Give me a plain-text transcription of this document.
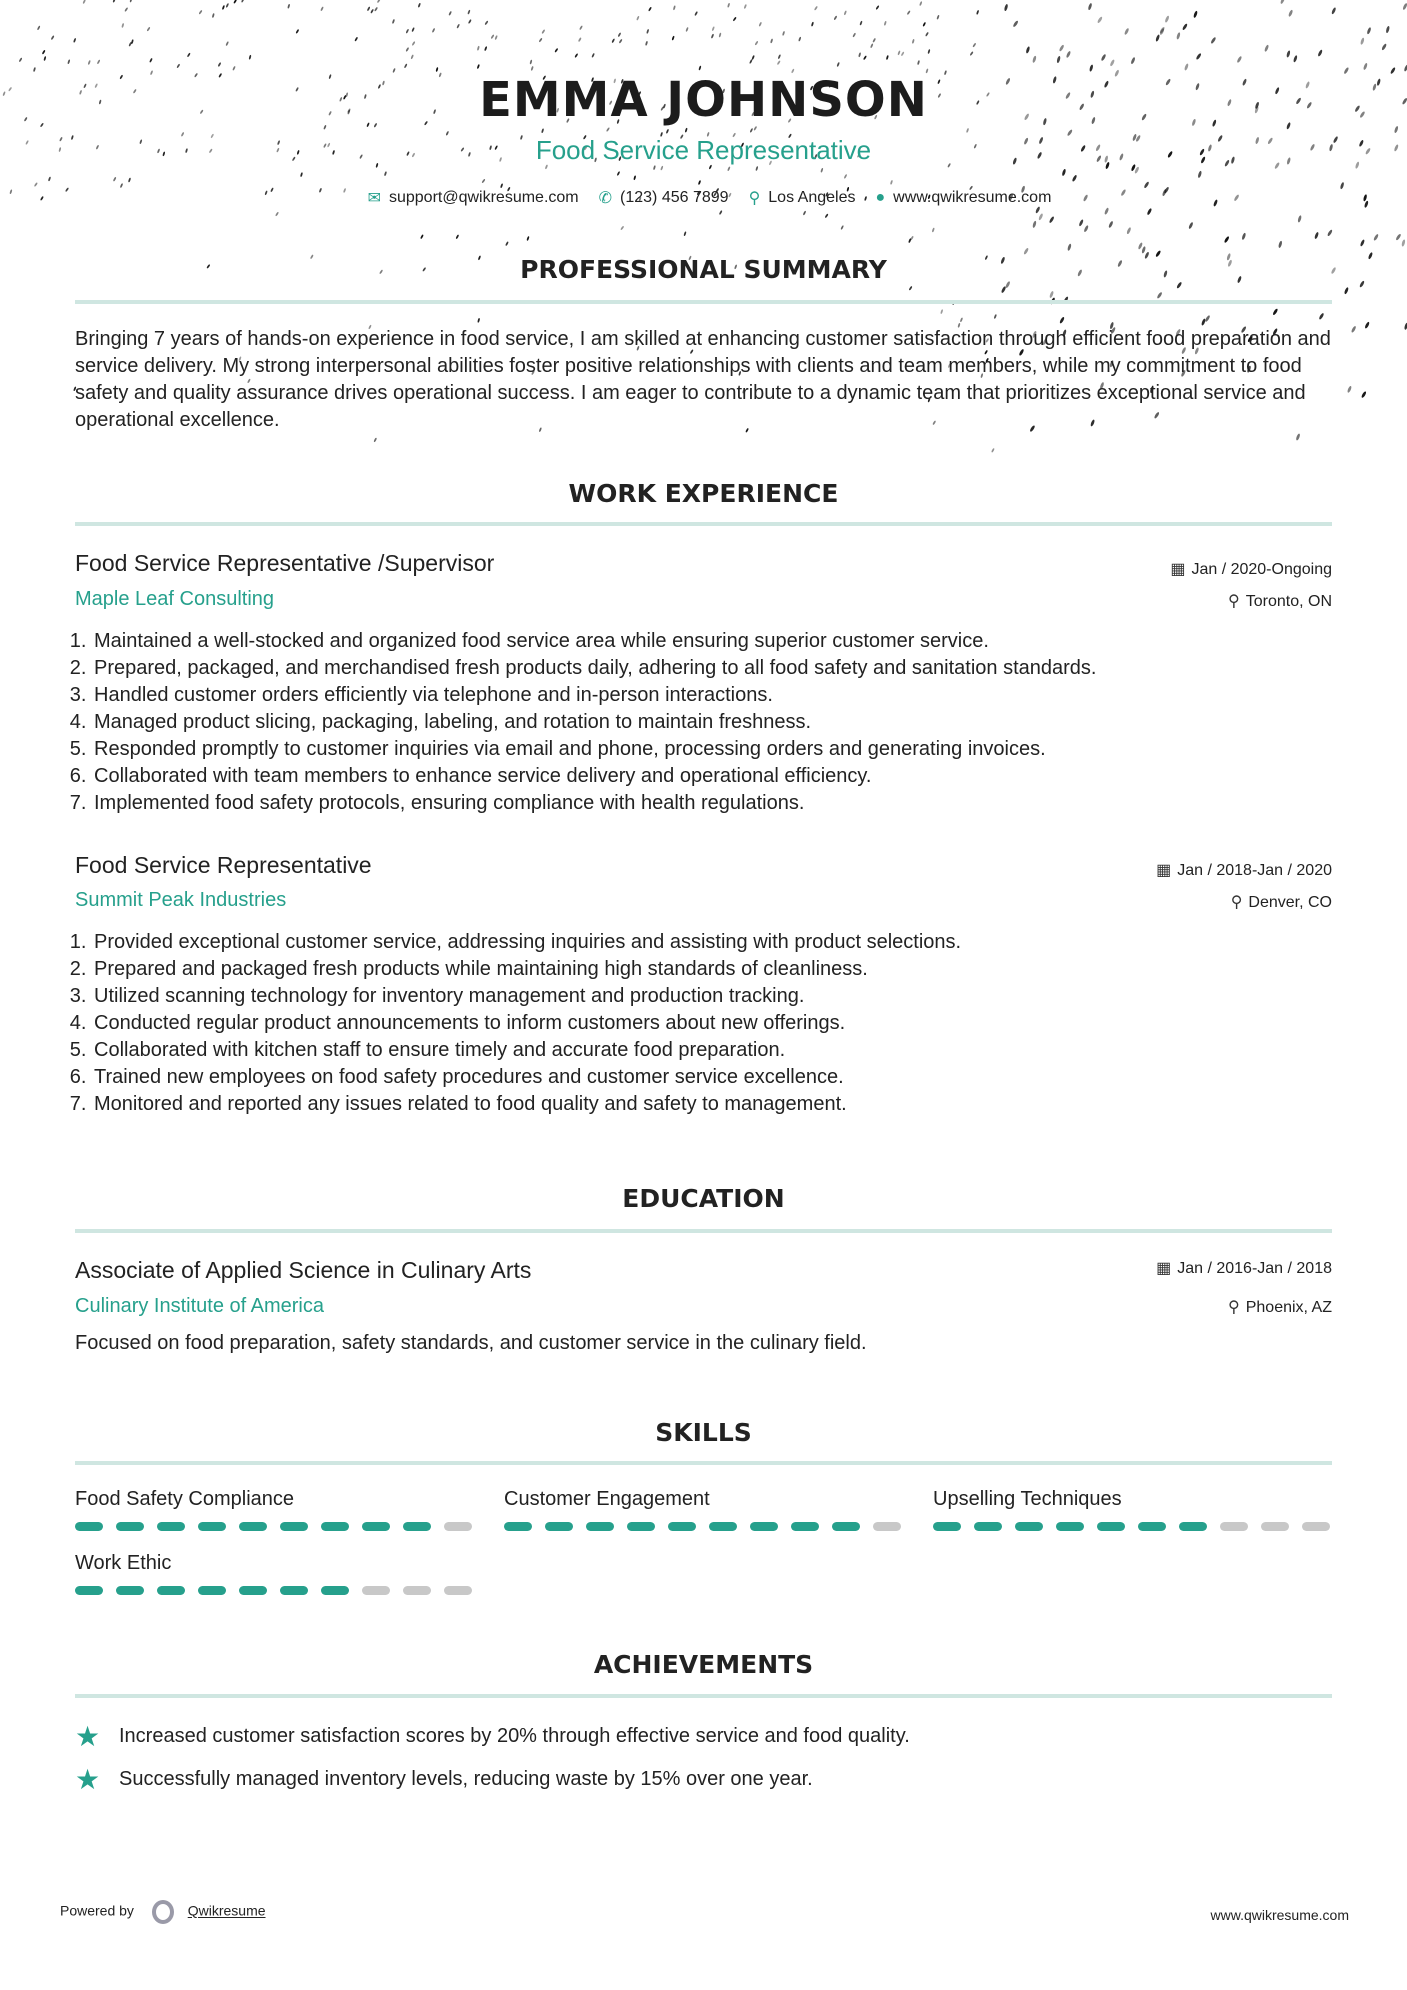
EMMA JOHNSON
Food Service Representative
✉ support@qwikresume.com ✆ (123) 456 7899 ⚲ Los Angeles ● www.qwikresume.com
PROFESSIONAL SUMMARY
Bringing 7 years of hands-on experience in food service, I am skilled at enhancing customer satisfaction through efficient food preparation and service delivery. My strong interpersonal abilities foster positive relationships with clients and team members, while my commitment to food safety and quality assurance drives operational success. I am eager to contribute to a dynamic team that prioritizes exceptional service and operational excellence.
WORK EXPERIENCE
Food Service Representative /Supervisor
Maple Leaf Consulting
▦ Jan / 2020-Ongoing
⚲ Toronto, ON
1. Maintained a well-stocked and organized food service area while ensuring superior customer service.
2. Prepared, packaged, and merchandised fresh products daily, adhering to all food safety and sanitation standards.
3. Handled customer orders efficiently via telephone and in-person interactions.
4. Managed product slicing, packaging, labeling, and rotation to maintain freshness.
5. Responded promptly to customer inquiries via email and phone, processing orders and generating invoices.
6. Collaborated with team members to enhance service delivery and operational efficiency.
7. Implemented food safety protocols, ensuring compliance with health regulations.
Food Service Representative
Summit Peak Industries
▦ Jan / 2018-Jan / 2020
⚲ Denver, CO
1. Provided exceptional customer service, addressing inquiries and assisting with product selections.
2. Prepared and packaged fresh products while maintaining high standards of cleanliness.
3. Utilized scanning technology for inventory management and production tracking.
4. Conducted regular product announcements to inform customers about new offerings.
5. Collaborated with kitchen staff to ensure timely and accurate food preparation.
6. Trained new employees on food safety procedures and customer service excellence.
7. Monitored and reported any issues related to food quality and safety to management.
EDUCATION
Associate of Applied Science in Culinary Arts
Culinary Institute of America
▦ Jan / 2016-Jan / 2018
⚲ Phoenix, AZ
Focused on food preparation, safety standards, and customer service in the culinary field.
SKILLS
Food Safety Compliance	Customer Engagement	Upselling Techniques
Work Ethic
ACHIEVEMENTS
★ Increased customer satisfaction scores by 20% through effective service and food quality.
★ Successfully managed inventory levels, reducing waste by 15% over one year.
Powered by	Qwikresume	www.qwikresume.com
